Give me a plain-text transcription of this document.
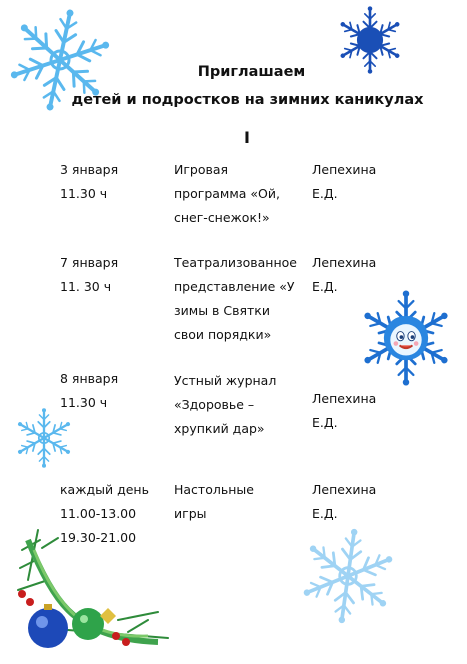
Приглашаем
детей и подростков на зимних каникулах
I
3 января
11.30 ч
Игровая
программа «Ой,
снег-снежок!»
Лепехина
Е.Д.
7 января
11. 30 ч
Театрализованное
представление «У
зимы в Святки
свои порядки»
Лепехина
Е.Д.
8 января
11.30 ч
Устный журнал
«Здоровье –
хрупкий дар»
Лепехина
Е.Д.
каждый день
11.00-13.00
19.30-21.00
Настольные
игры
Лепехина
Е.Д.
